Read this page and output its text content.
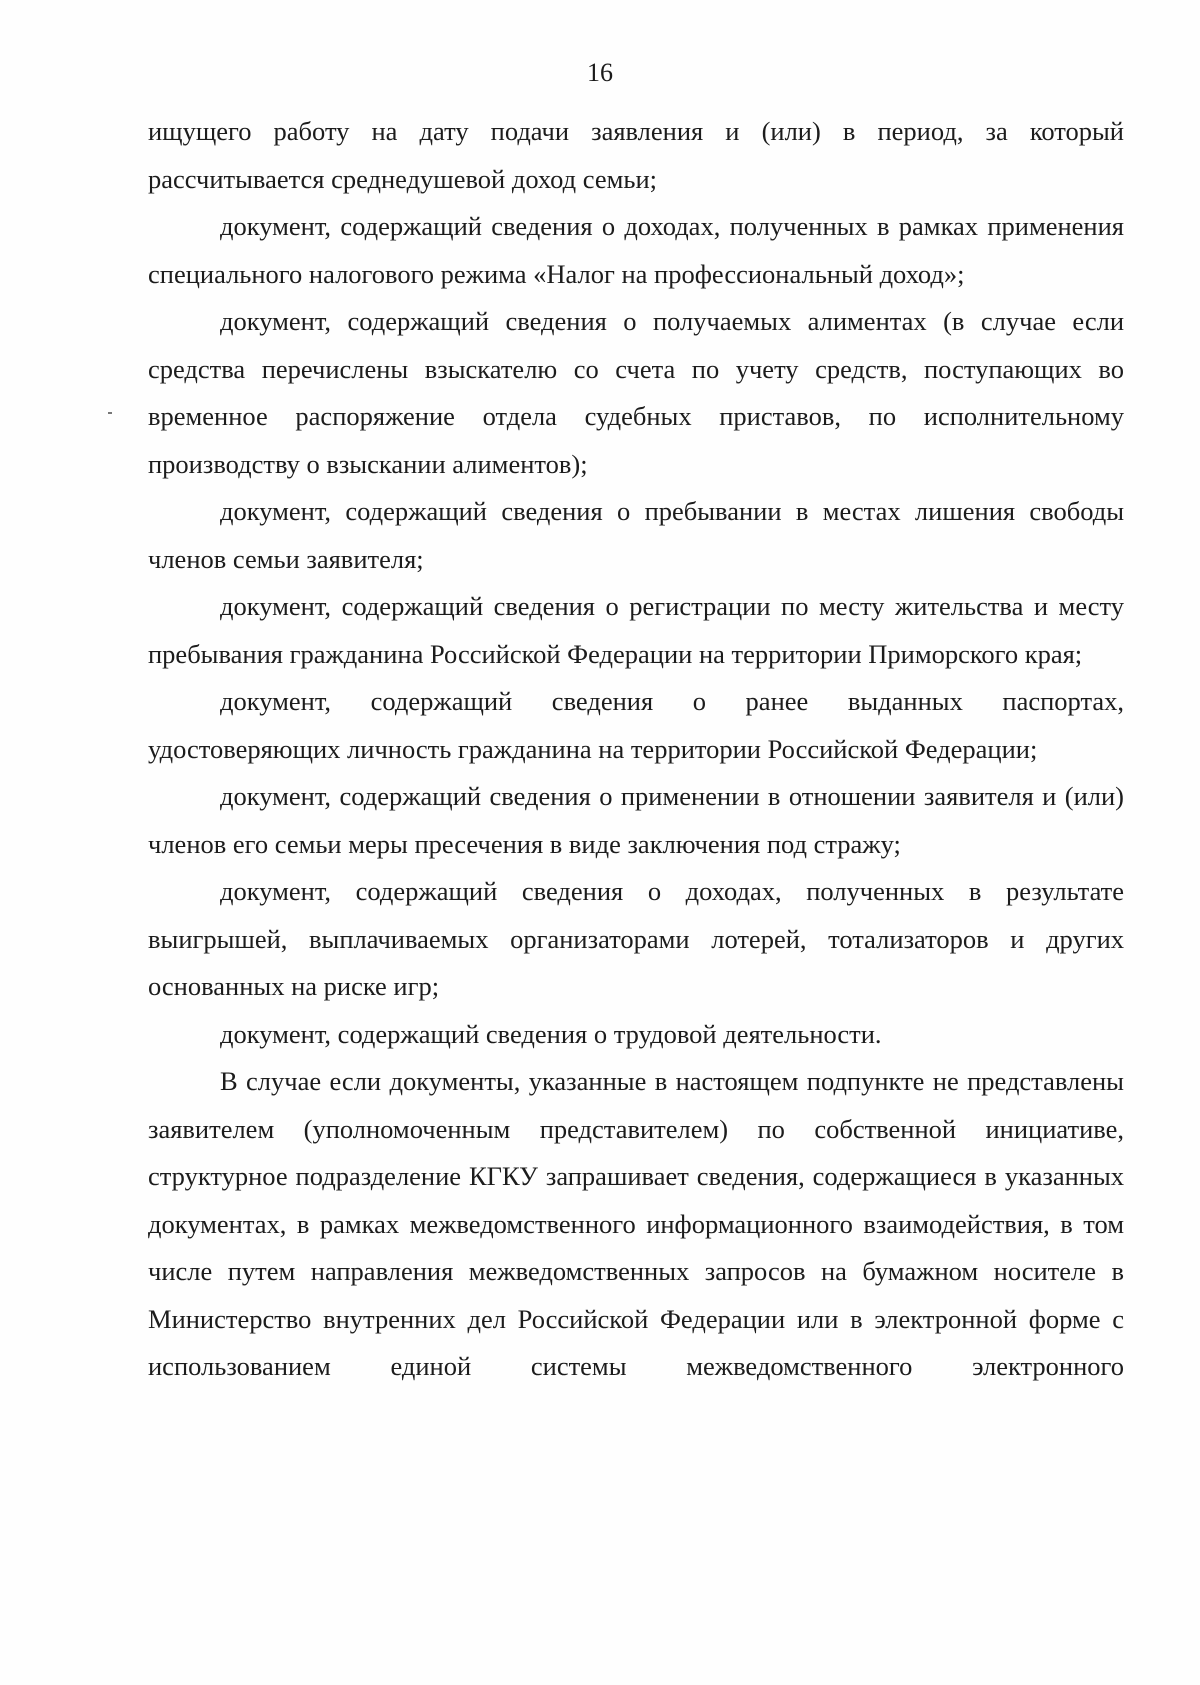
16

ищущего работу на дату подачи заявления и (или) в период, за который рассчитывается среднедушевой доход семьи;

документ, содержащий сведения о доходах, полученных в рамках применения специального налогового режима «Налог на профессиональный доход»;

документ, содержащий сведения о получаемых алиментах (в случае если средства перечислены взыскателю со счета по учету средств, поступающих во временное распоряжение отдела судебных приставов, по исполнительному производству о взыскании алиментов);

документ, содержащий сведения о пребывании в местах лишения свободы членов семьи заявителя;

документ, содержащий сведения о регистрации по месту жительства и месту пребывания гражданина Российской Федерации на территории Приморского края;

документ, содержащий сведения о ранее выданных паспортах, удостоверяющих личность гражданина на территории Российской Федерации;

документ, содержащий сведения о применении в отношении заявителя и (или) членов его семьи меры пресечения в виде заключения под стражу;

документ, содержащий сведения о доходах, полученных в результате выигрышей, выплачиваемых организаторами лотерей, тотализаторов и других основанных на риске игр;

документ, содержащий сведения о трудовой деятельности.

В случае если документы, указанные в настоящем подпункте не представлены заявителем (уполномоченным представителем) по собственной инициативе, структурное подразделение КГКУ запрашивает сведения, содержащиеся в указанных документах, в рамках межведомственного информационного взаимодействия, в том числе путем направления межведомственных запросов на бумажном носителе в Министерство внутренних дел Российской Федерации или в электронной форме с использованием единой системы межведомственного электронного
